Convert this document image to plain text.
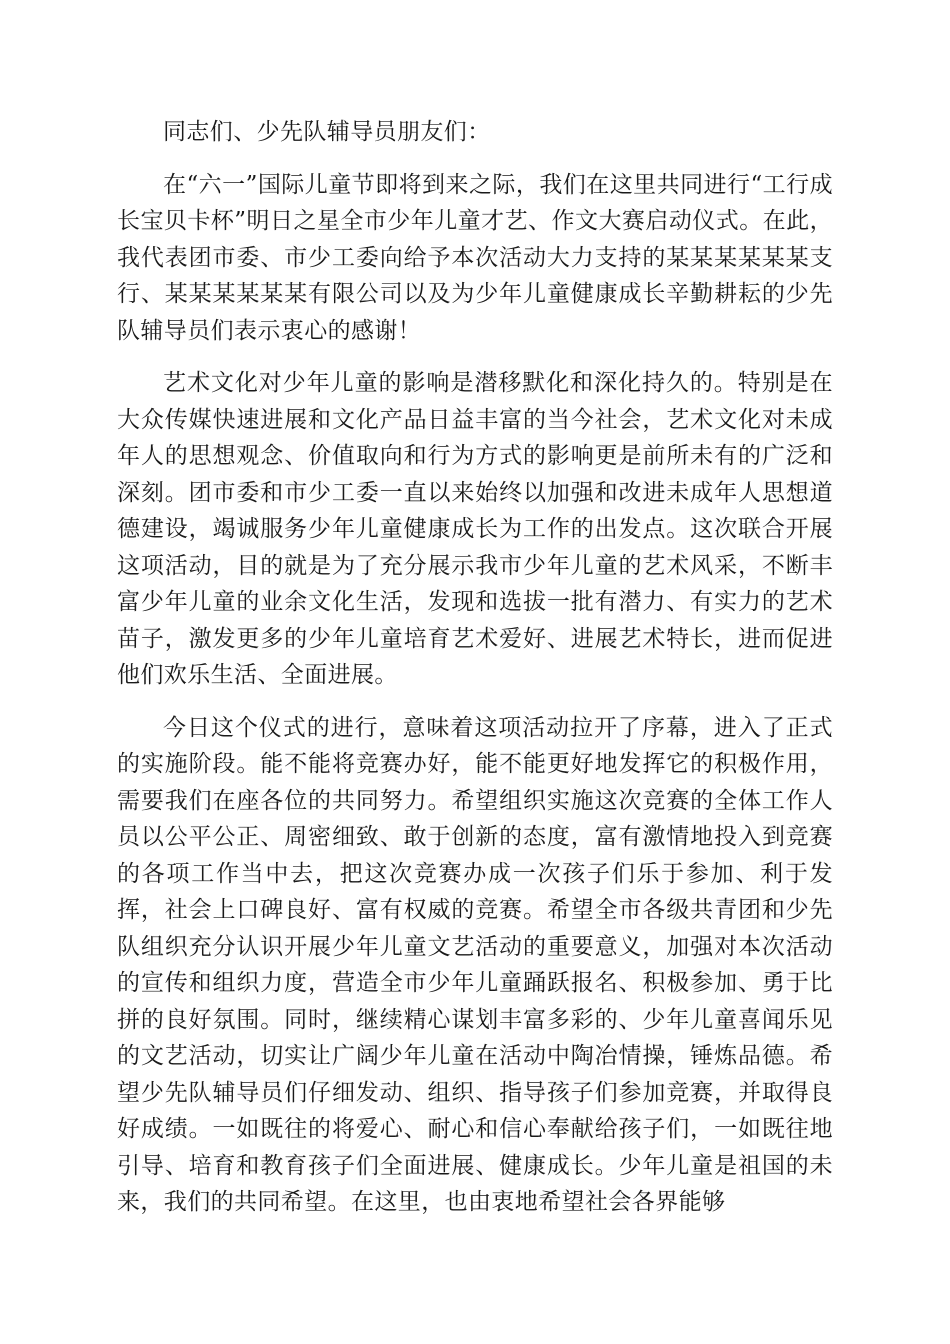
同志们、少先队辅导员朋友们：

在“六一”国际儿童节即将到来之际，我们在这里共同进行“工行成长宝贝卡杯”明日之星全市少年儿童才艺、作文大赛启动仪式。在此，我代表团市委、市少工委向给予本次活动大力支持的某某某某某某支行、某某某某某某有限公司以及为少年儿童健康成长辛勤耕耘的少先队辅导员们表示衷心的感谢！

艺术文化对少年儿童的影响是潜移默化和深化持久的。特别是在大众传媒快速进展和文化产品日益丰富的当今社会，艺术文化对未成年人的思想观念、价值取向和行为方式的影响更是前所未有的广泛和深刻。团市委和市少工委一直以来始终以加强和改进未成年人思想道德建设，竭诚服务少年儿童健康成长为工作的出发点。这次联合开展这项活动，目的就是为了充分展示我市少年儿童的艺术风采，不断丰富少年儿童的业余文化生活，发现和选拔一批有潜力、有实力的艺术苗子，激发更多的少年儿童培育艺术爱好、进展艺术特长，进而促进他们欢乐生活、全面进展。

今日这个仪式的进行，意味着这项活动拉开了序幕，进入了正式的实施阶段。能不能将竞赛办好，能不能更好地发挥它的积极作用，需要我们在座各位的共同努力。希望组织实施这次竞赛的全体工作人员以公平公正、周密细致、敢于创新的态度，富有激情地投入到竞赛的各项工作当中去，把这次竞赛办成一次孩子们乐于参加、利于发挥，社会上口碑良好、富有权威的竞赛。希望全市各级共青团和少先队组织充分认识开展少年儿童文艺活动的重要意义，加强对本次活动的宣传和组织力度，营造全市少年儿童踊跃报名、积极参加、勇于比拼的良好氛围。同时，继续精心谋划丰富多彩的、少年儿童喜闻乐见的文艺活动，切实让广阔少年儿童在活动中陶冶情操，锤炼品德。希望少先队辅导员们仔细发动、组织、指导孩子们参加竞赛，并取得良好成绩。一如既往的将爱心、耐心和信心奉献给孩子们，一如既往地引导、培育和教育孩子们全面进展、健康成长。少年儿童是祖国的未来，我们的共同希望。在这里，也由衷地希望社会各界能够
